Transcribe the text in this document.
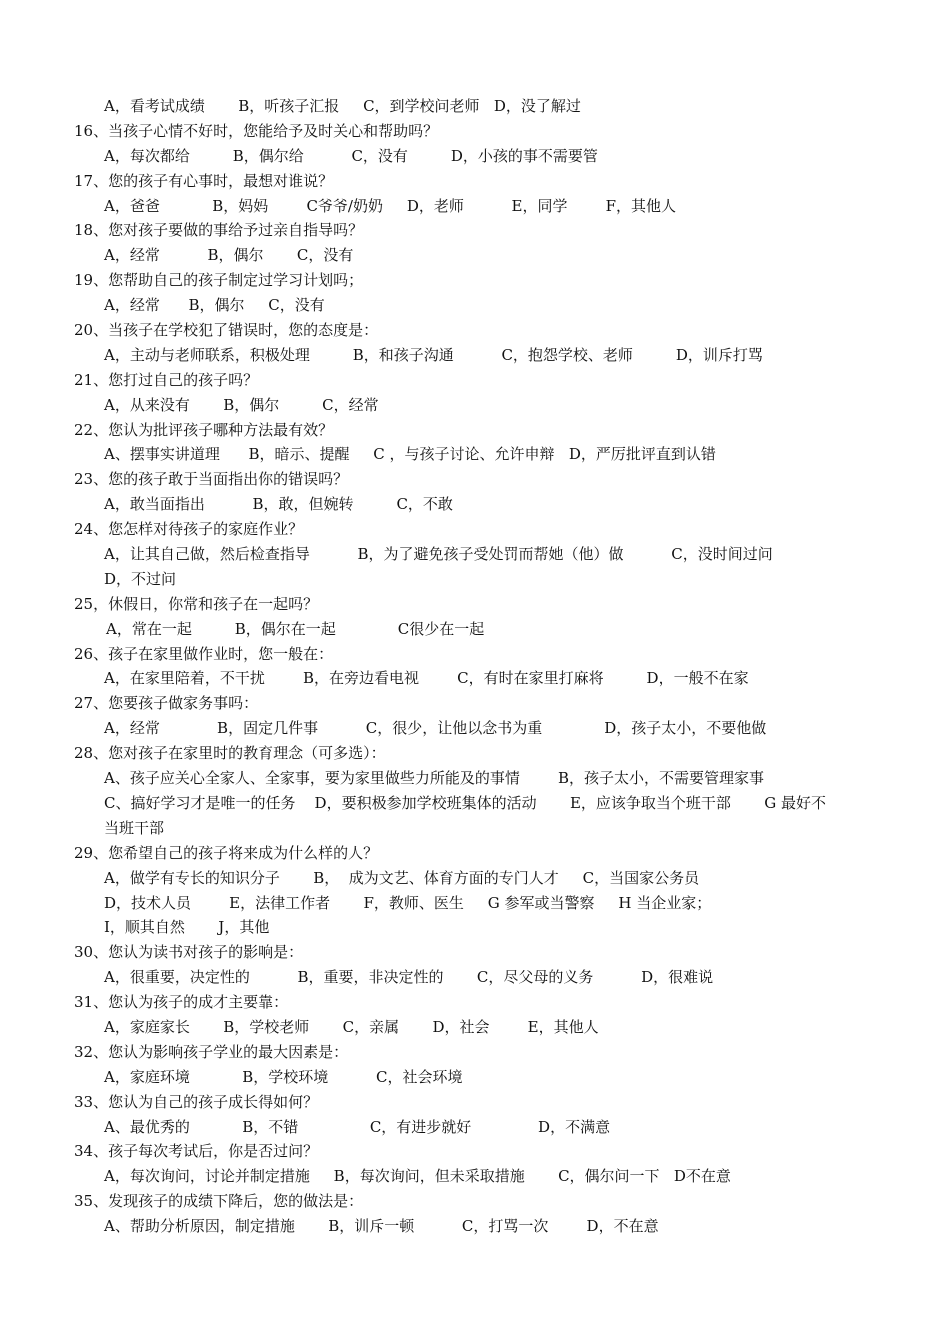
A，看考试成绩       B，听孩子汇报     C，到学校问老师   D，没了解过
16、当孩子心情不好时，您能给予及时关心和帮助吗？
A，每次都给         B，偶尔给          C，没有         D，小孩的事不需要管
17、您的孩子有心事时，最想对谁说？
A，爸爸           B，妈妈        C爷爷/奶奶     D，老师          E，同学        F，其他人
18、您对孩子要做的事给予过亲自指导吗？
A，经常          B，偶尔       C，没有
19、您帮助自己的孩子制定过学习计划吗；
A，经常      B，偶尔     C，没有
20、当孩子在学校犯了错误时，您的态度是：
A，主动与老师联系，积极处理         B，和孩子沟通          C，抱怨学校、老师         D，训斥打骂
21、您打过自己的孩子吗？
A，从来没有       B，偶尔         C，经常
22、您认为批评孩子哪种方法最有效？
A、摆事实讲道理      B，暗示、提醒     C ，与孩子讨论、允许申辩   D，严厉批评直到认错
23、您的孩子敢于当面指出你的错误吗？
A，敢当面指出          B，敢，但婉转         C，不敢
24、您怎样对待孩子的家庭作业？
A，让其自己做，然后检查指导          B，为了避免孩子受处罚而帮她（他）做          C，没时间过问
D，不过问
25，休假日，你常和孩子在一起吗？
A，常在一起         B，偶尔在一起             C很少在一起
26、孩子在家里做作业时，您一般在：
A，在家里陪着，不干扰        B，在旁边看电视        C，有时在家里打麻将         D，一般不在家
27、您要孩子做家务事吗：
A，经常            B，固定几件事          C，很少，让他以念书为重             D，孩子太小，不要他做
28、您对孩子在家里时的教育理念（可多选）：
A、孩子应关心全家人、全家事，要为家里做些力所能及的事情        B，孩子太小，不需要管理家事
C、搞好学习才是唯一的任务    D，要积极参加学校班集体的活动       E，应该争取当个班干部       G 最好不
当班干部
29、您希望自己的孩子将来成为什么样的人？
A，做学有专长的知识分子       B，  成为文艺、体育方面的专门人才     C，当国家公务员
D，技术人员        E，法律工作者       F，教师、医生     G 参军或当警察     H 当企业家；
I，顺其自然       J，其他
30、您认为读书对孩子的影响是：
A，很重要，决定性的          B，重要，非决定性的       C，尽父母的义务          D，很难说
31、您认为孩子的成才主要靠：
A，家庭家长       B，学校老师       C，亲属       D，社会        E，其他人
32、您认为影响孩子学业的最大因素是：
A，家庭环境           B，学校环境          C，社会环境
33、您认为自己的孩子成长得如何？
A、最优秀的           B，不错               C，有进步就好              D，不满意
34、孩子每次考试后，你是否过问？
A，每次询问，讨论并制定措施     B，每次询问，但未采取措施       C，偶尔问一下   D不在意
35、发现孩子的成绩下降后，您的做法是：
A、帮助分析原因，制定措施       B，训斥一顿          C，打骂一次        D，不在意
